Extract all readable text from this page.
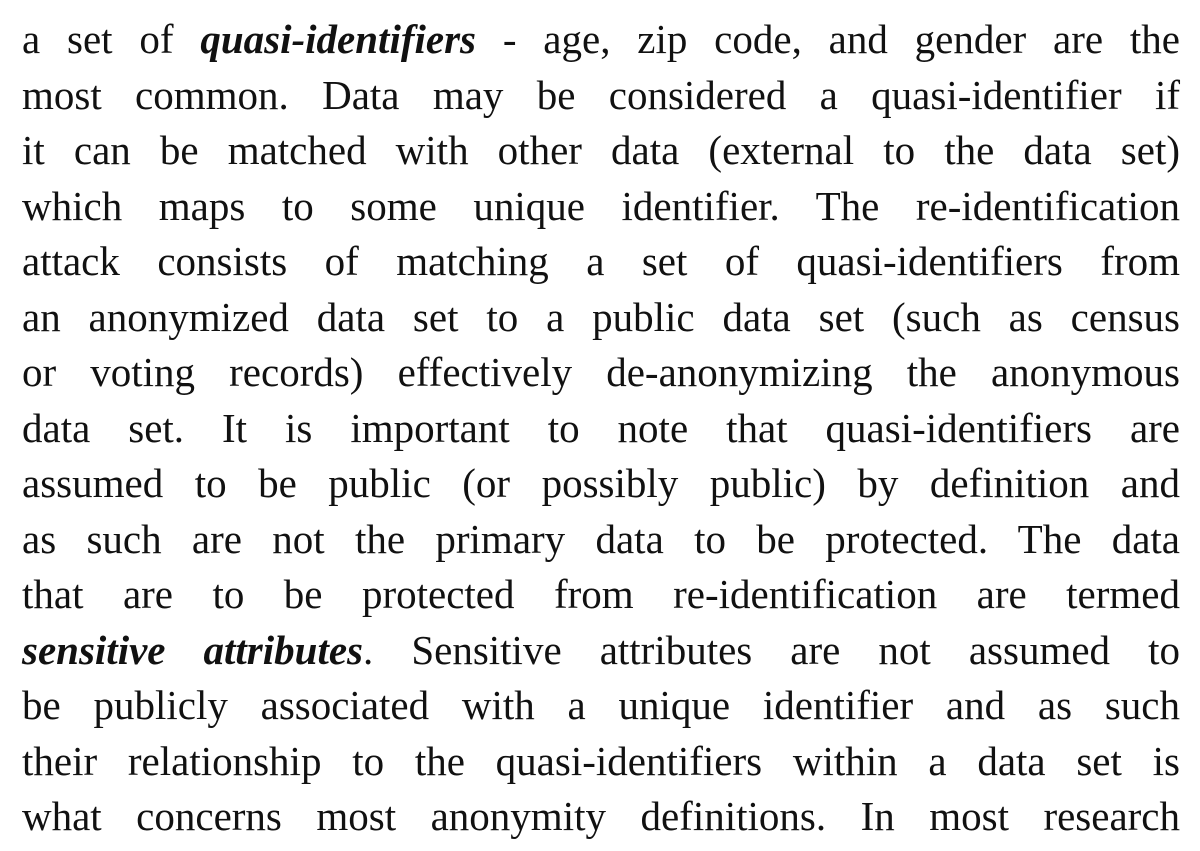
a set of quasi-identifiers - age, zip code, and gender are the
most common. Data may be considered a quasi-identifier if
it can be matched with other data (external to the data set)
which maps to some unique identifier. The re-identification
attack consists of matching a set of quasi-identifiers from
an anonymized data set to a public data set (such as census
or voting records) effectively de-anonymizing the anonymous
data set. It is important to note that quasi-identifiers are
assumed to be public (or possibly public) by definition and
as such are not the primary data to be protected. The data
that are to be protected from re-identification are termed
sensitive attributes. Sensitive attributes are not assumed to
be publicly associated with a unique identifier and as such
their relationship to the quasi-identifiers within a data set is
what concerns most anonymity definitions. In most research
